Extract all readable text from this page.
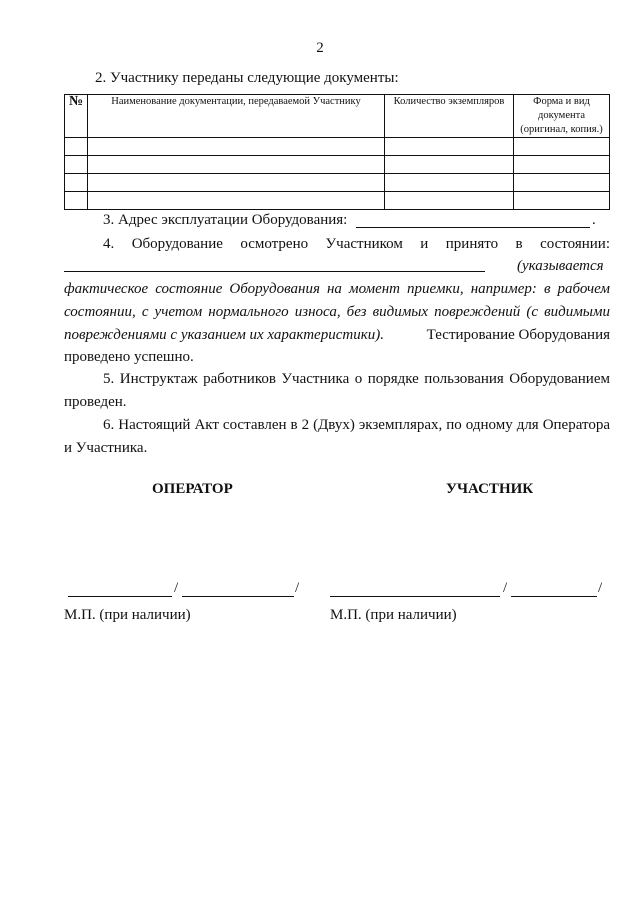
2
2. Участнику переданы следующие документы:
№	Наименование документации, передаваемой Участнику	Количество экземпляров	Форма и вид документа (оригинал, копия.)

3. Адрес эксплуатации Оборудования:	.
4. Оборудование осмотрено Участником и принято в состоянии:
(указывается
фактическое состояние Оборудования на момент приемки, например: в рабочем
состоянии, с учетом нормального износа, без видимых повреждений (с видимыми
повреждениями с указанием их характеристики).	Тестирование Оборудования
проведено успешно.
5. Инструктаж работников Участника о порядке пользования Оборудованием
проведен.
6. Настоящий Акт составлен в 2 (Двух) экземплярах, по одному для Оператора
и Участника.
ОПЕРАТОР	УЧАСТНИК
/	/	/	/
М.П. (при наличии)	М.П. (при наличии)
